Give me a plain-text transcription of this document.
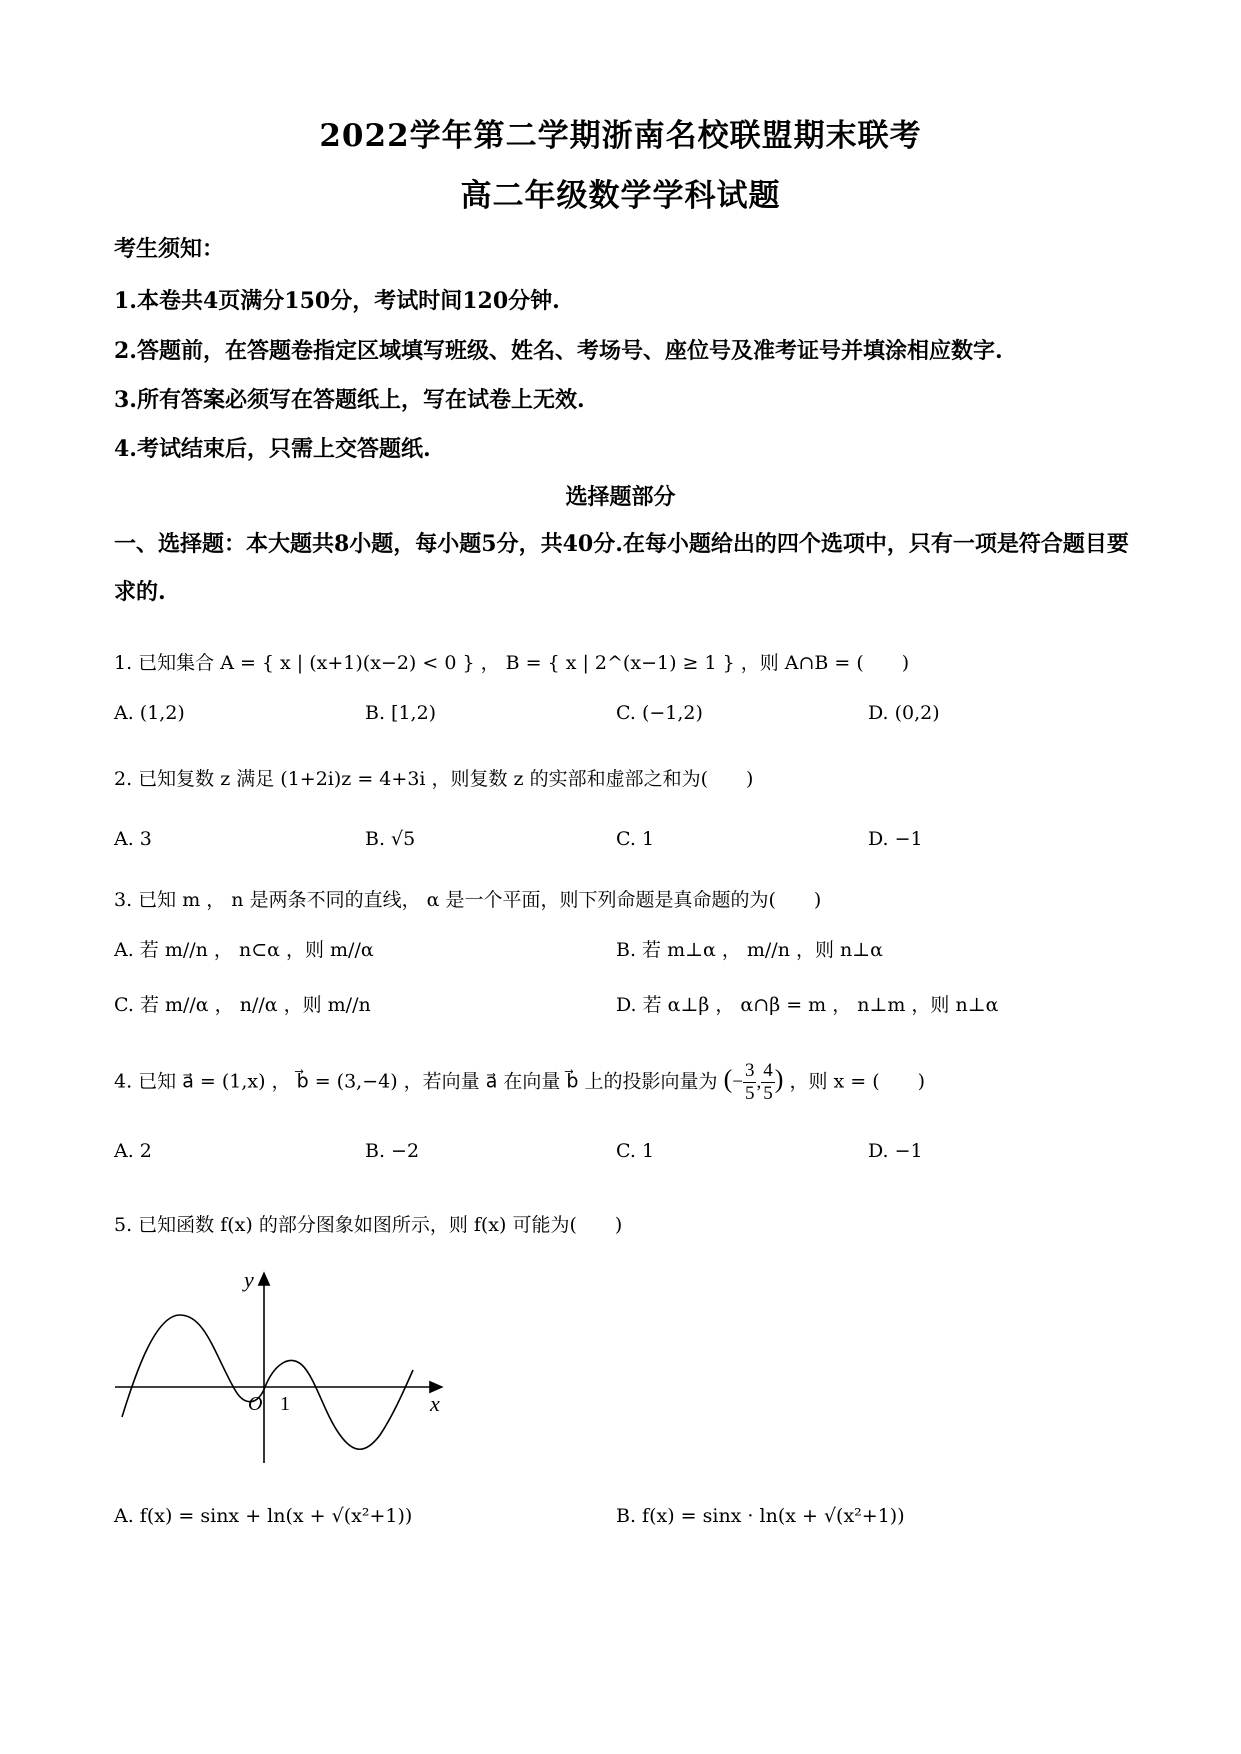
2022学年第二学期浙南名校联盟期末联考
高二年级数学学科试题
考生须知：
1.本卷共4页满分150分，考试时间120分钟.
2.答题前，在答题卷指定区域填写班级、姓名、考场号、座位号及准考证号并填涂相应数字.
3.所有答案必须写在答题纸上，写在试卷上无效.
4.考试结束后，只需上交答题纸.
选择题部分
一、选择题：本大题共8小题，每小题5分，共40分.在每小题给出的四个选项中，只有一项是符合题目要求的.
1. 已知集合 A = { x | (x+1)(x−2) < 0 } ， B = { x | 2^(x−1) ≥ 1 } ，则 A∩B = (　　)
A. (1,2)	B. [1,2)	C. (−1,2)	D. (0,2)
2. 已知复数 z 满足 (1+2i)z = 4+3i ，则复数 z 的实部和虚部之和为(　　)
A. 3	B. √5	C. 1	D. −1
3. 已知 m ， n 是两条不同的直线， α 是一个平面，则下列命题是真命题的为(　　)
A. 若 m//n ， n⊂α ，则 m//α	B. 若 m⊥α ， m//n ，则 n⊥α
C. 若 m//α ， n//α ，则 m//n	D. 若 α⊥β ， α∩β = m ， n⊥m ，则 n⊥α
4. 已知 a⃗ = (1,x) ， b⃗ = (3,−4) ，若向量 a⃗ 在向量 b⃗ 上的投影向量为 (− $\frac{3}{5}$ , $\frac{4}{5}$ ) ，则 x = (　　)
A. 2	B. −2	C. 1	D. −1
5. 已知函数 f(x) 的部分图象如图所示，则 f(x) 可能为(　　)
y
x
O 1
A. f(x) = sinx + ln(x + √(x²+1))	B. f(x) = sinx · ln(x + √(x²+1))
